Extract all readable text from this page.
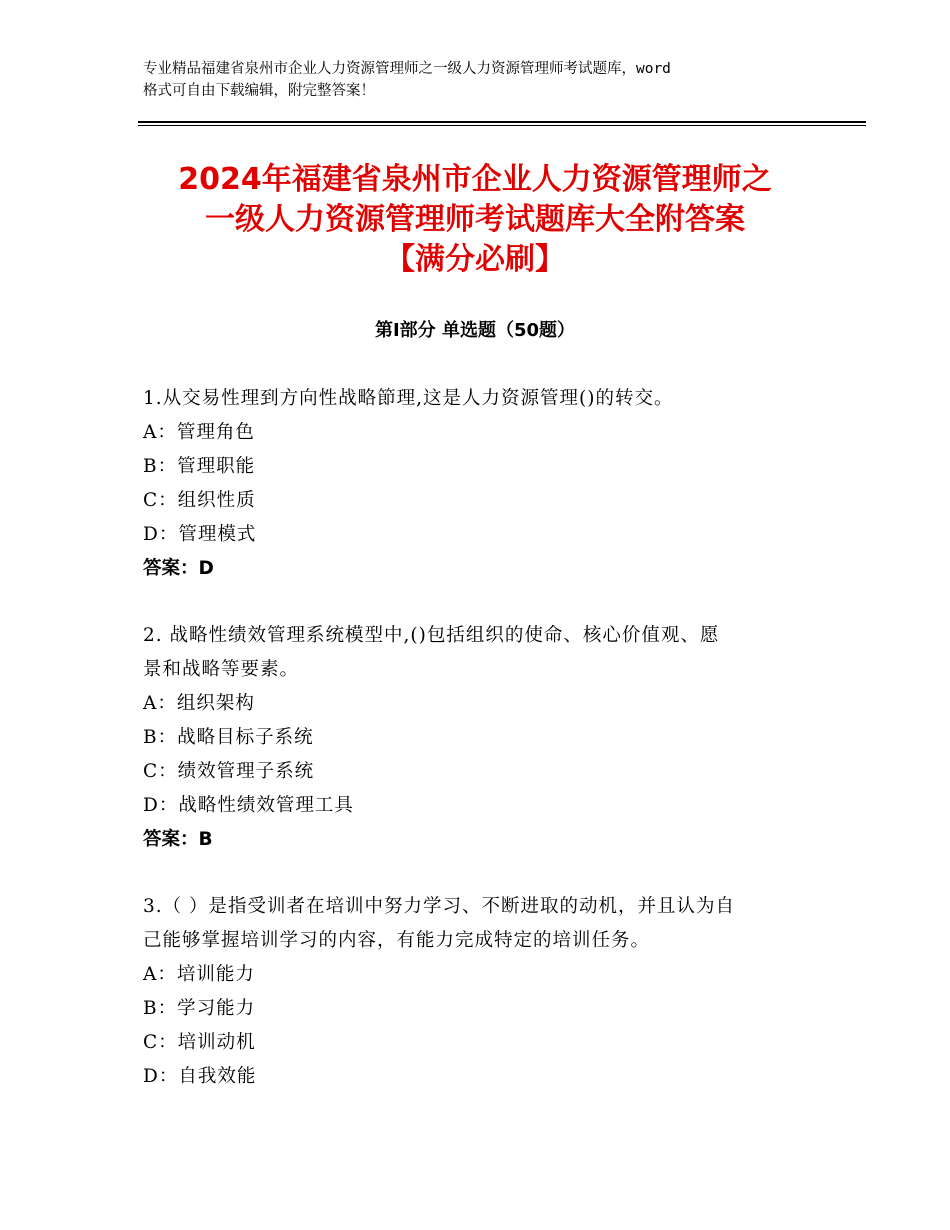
专业精品福建省泉州市企业人力资源管理师之一级人力资源管理师考试题库，word
格式可自由下载编辑，附完整答案！
2024年福建省泉州市企业人力资源管理师之
一级人力资源管理师考试题库大全附答案
【满分必刷】
第Ⅰ部分 单选题（50题）
1.从交易性理到方向性战略節理,这是人力资源管理()的转交。
A：管理角色
B：管理职能
C：组织性质
D：管理模式
答案：D
2. 战略性绩效管理系统模型中,()包括组织的使命、核心价值观、愿
景和战略等要素。
A：组织架构
B：战略目标子系统
C：绩效管理子系统
D：战略性绩效管理工具
答案：B
3.（ ）是指受训者在培训中努力学习、不断进取的动机，并且认为自
己能够掌握培训学习的内容，有能力完成特定的培训任务。
A：培训能力
B：学习能力
C：培训动机
D：自我效能
